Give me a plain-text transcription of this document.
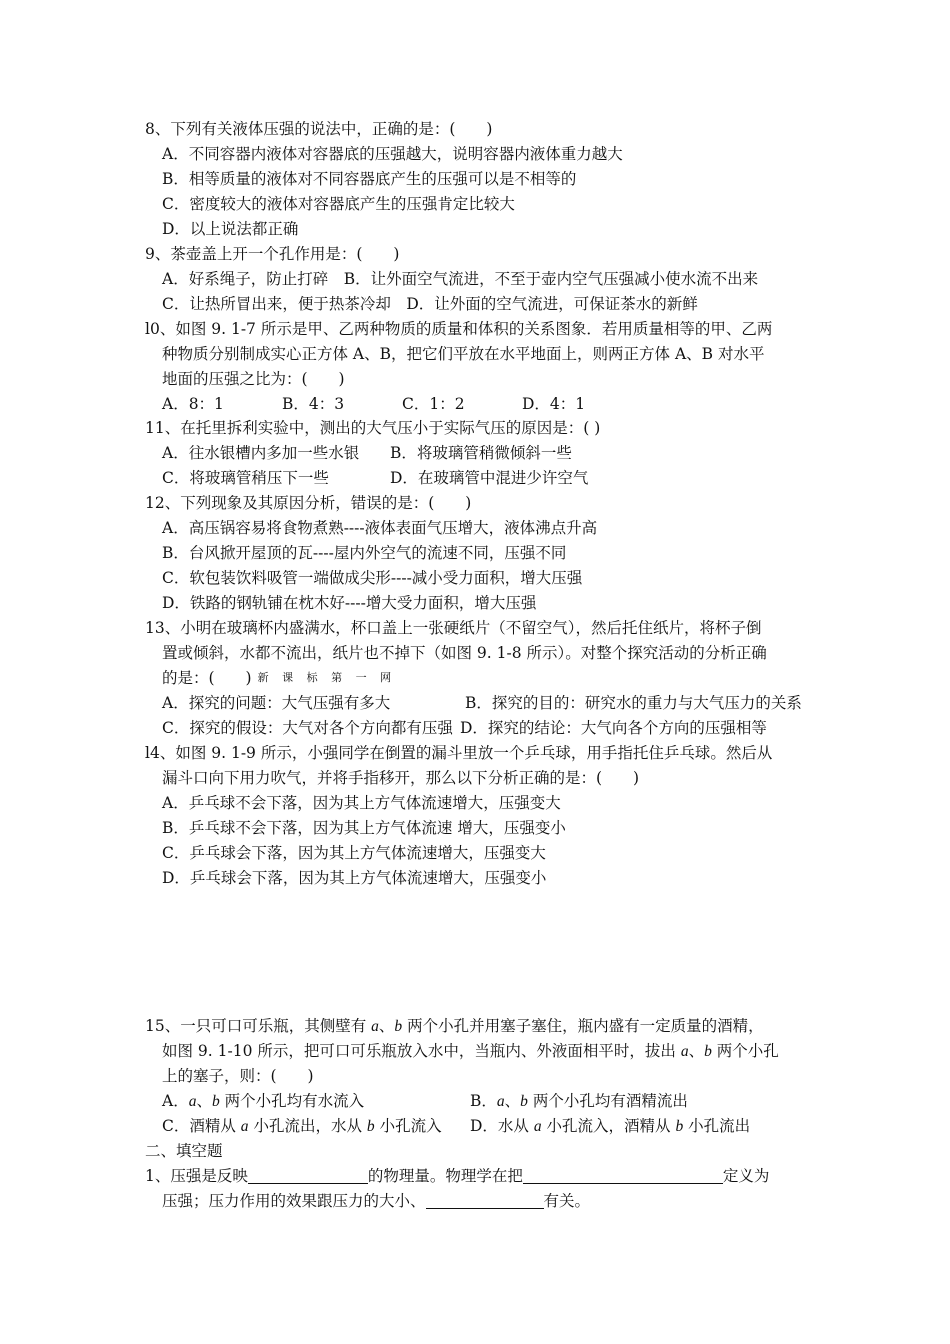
8、下列有关液体压强的说法中，正确的是：(　　)
A．不同容器内液体对容器底的压强越大，说明容器内液体重力越大
B．相等质量的液体对不同容器底产生的压强可以是不相等的
C．密度较大的液体对容器底产生的压强肯定比较大
D．以上说法都正确
9、茶壶盖上开一个孔作用是：(　　)
A．好系绳子，防止打碎　B．让外面空气流进，不至于壶内空气压强减小使水流不出来
C．让热所冒出来，便于热茶冷却　D．让外面的空气流进，可保证茶水的新鲜
l0、如图 9. 1-7 所示是甲、乙两种物质的质量和体积的关系图象．若用质量相等的甲、乙两
种物质分别制成实心正方体 A、B，把它们平放在水平地面上，则两正方体 A、B 对水平
地面的压强之比为：(　　)
A．8：1	B．4：3	C．1：2	D．4：1
11、在托里拆利实验中，测出的大气压小于实际气压的原因是：( )
A．往水银槽内多加一些水银 B．将玻璃管稍微倾斜一些
C．将玻璃管稍压下一些	D．在玻璃管中混进少许空气
12、下列现象及其原因分析，错误的是：(　　)
A．高压锅容易将食物煮熟----液体表面气压增大，液体沸点升高
B．台风掀开屋顶的瓦----屋内外空气的流速不同，压强不同
C．软包装饮料吸管一端做成尖形----减小受力面积，增大压强
D．铁路的钢轨铺在枕木好----增大受力面积，增大压强
13、小明在玻璃杯内盛满水，杯口盖上一张硬纸片（不留空气），然后托住纸片，将杯子倒
置或倾斜，水都不流出，纸片也不掉下（如图 9. 1-8 所示）。对整个探究活动的分析正确
的是：(　　) 新 课 标 第 一 网
A．探究的问题：大气压强有多大	B．探究的目的：研究水的重力与大气压力的关系
C．探究的假设：大气对各个方向都有压强 D．探究的结论：大气向各个方向的压强相等
l4、如图 9. 1-9 所示，小强同学在倒置的漏斗里放一个乒乓球，用手指托住乒乓球。然后从
漏斗口向下用力吹气，并将手指移开，那么以下分析正确的是：(　　)
A．乒乓球不会下落，因为其上方气体流速增大，压强变大
B．乒乓球不会下落，因为其上方气体流速 增大，压强变小
C．乒乓球会下落，因为其上方气体流速增大，压强变大
D．乒乓球会下落，因为其上方气体流速增大，压强变小
15、一只可口可乐瓶，其侧壁有 a、b 两个小孔并用塞子塞住，瓶内盛有一定质量的酒精，
如图 9. 1-10 所示，把可口可乐瓶放入水中，当瓶内、外液面相平时，拔出 a、b 两个小孔
上的塞子，则：(　　)
A．a、b 两个小孔均有水流入	B．a、b 两个小孔均有酒精流出
C．酒精从 a 小孔流出，水从 b 小孔流入 D．水从 a 小孔流入，酒精从 b 小孔流出
二、填空题
1、压强是反映	的物理量。物理学在把	定义为
压强；压力作用的效果跟压力的大小、	有关。
